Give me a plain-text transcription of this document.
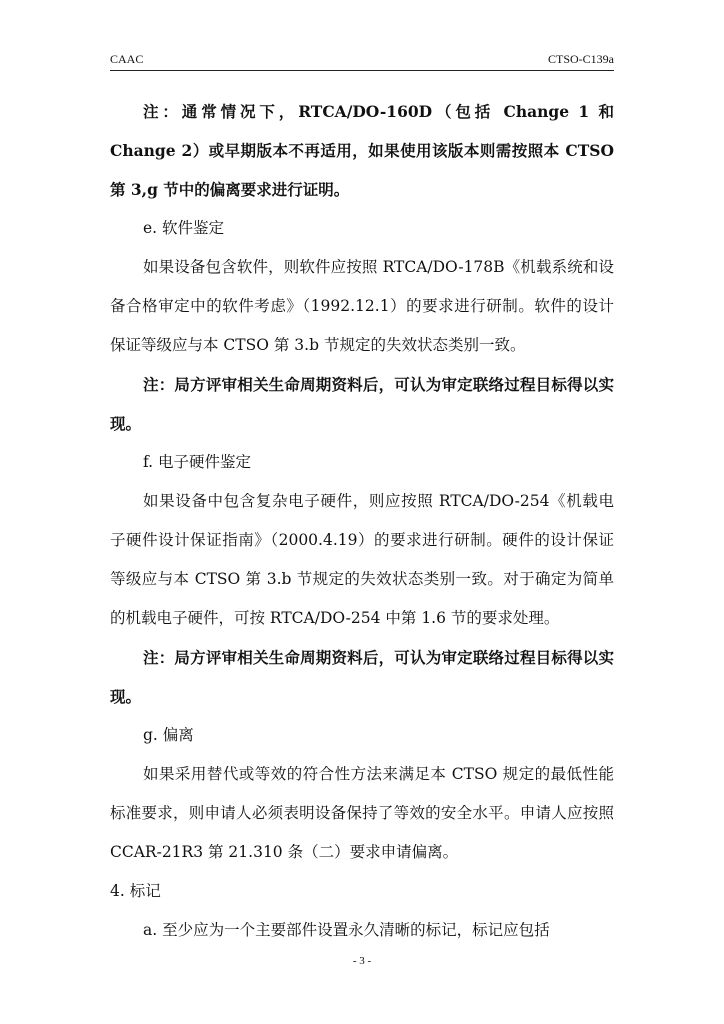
CAAC	CTSO-C139a

注：通常情况下，RTCA/DO-160D（包括 Change 1 和 Change 2）或早期版本不再适用，如果使用该版本则需按照本 CTSO 第 3,g 节中的偏离要求进行证明。

e. 软件鉴定

如果设备包含软件，则软件应按照 RTCA/DO-178B《机载系统和设备合格审定中的软件考虑》（1992.12.1）的要求进行研制。软件的设计保证等级应与本 CTSO 第 3.b 节规定的失效状态类别一致。

注：局方评审相关生命周期资料后，可认为审定联络过程目标得以实现。

f. 电子硬件鉴定

如果设备中包含复杂电子硬件，则应按照 RTCA/DO-254《机载电子硬件设计保证指南》（2000.4.19）的要求进行研制。硬件的设计保证等级应与本 CTSO 第 3.b 节规定的失效状态类别一致。对于确定为简单的机载电子硬件，可按 RTCA/DO-254 中第 1.6 节的要求处理。

注：局方评审相关生命周期资料后，可认为审定联络过程目标得以实现。

g. 偏离

如果采用替代或等效的符合性方法来满足本 CTSO 规定的最低性能标准要求，则申请人必须表明设备保持了等效的安全水平。申请人应按照 CCAR-21R3 第 21.310 条（二）要求申请偏离。

4. 标记

a. 至少应为一个主要部件设置永久清晰的标记，标记应包括

- 3 -
